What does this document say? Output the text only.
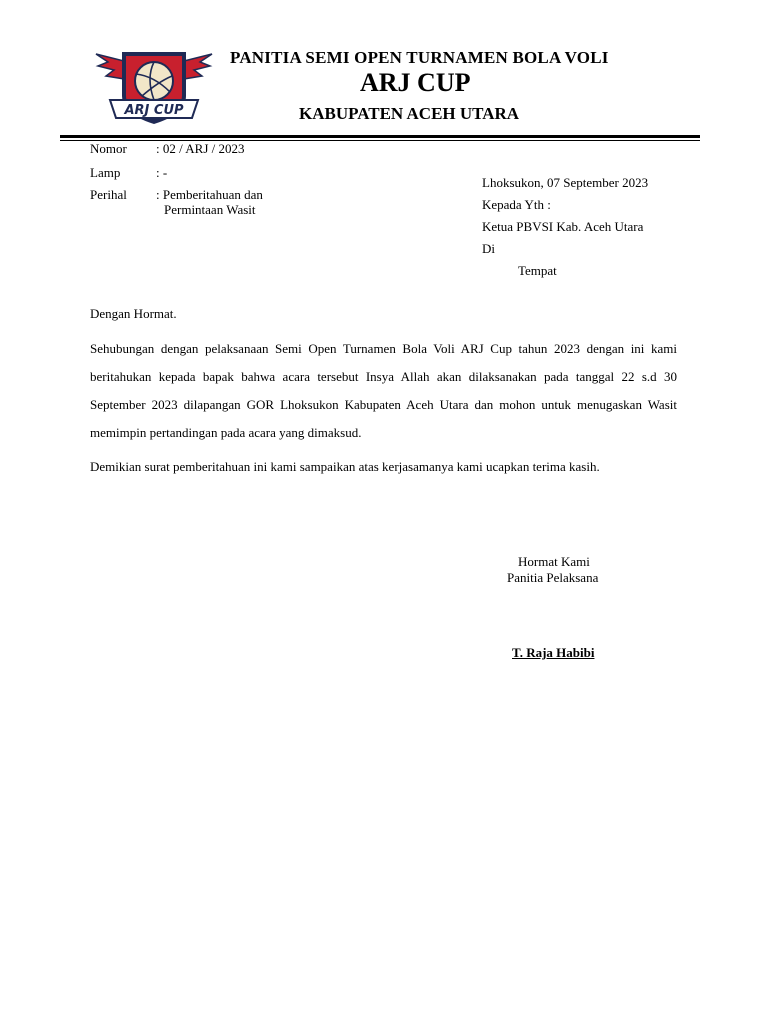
ARJ CUP
PANITIA SEMI OPEN TURNAMEN BOLA VOLI
ARJ CUP
KABUPATEN ACEH UTARA
Nomor : 02 / ARJ / 2023
Lamp	: -
Perihal : Pemberitahuan dan
Permintaan Wasit
Lhoksukon, 07 September 2023
Kepada Yth :
Ketua PBVSI Kab. Aceh Utara
Di
Tempat
Dengan Hormat.

Sehubungan dengan pelaksanaan Semi Open Turnamen Bola Voli ARJ Cup tahun 2023 dengan ini kami beritahukan kepada bapak bahwa acara tersebut Insya Allah akan dilaksanakan pada tanggal 22 s.d 30 September 2023 dilapangan GOR Lhoksukon Kabupaten Aceh Utara dan mohon untuk menugaskan Wasit memimpin pertandingan pada acara yang dimaksud.

Demikian surat pemberitahuan ini kami sampaikan atas kerjasamanya kami ucapkan terima kasih.

Hormat Kami
Panitia Pelaksana
T. Raja Habibi
